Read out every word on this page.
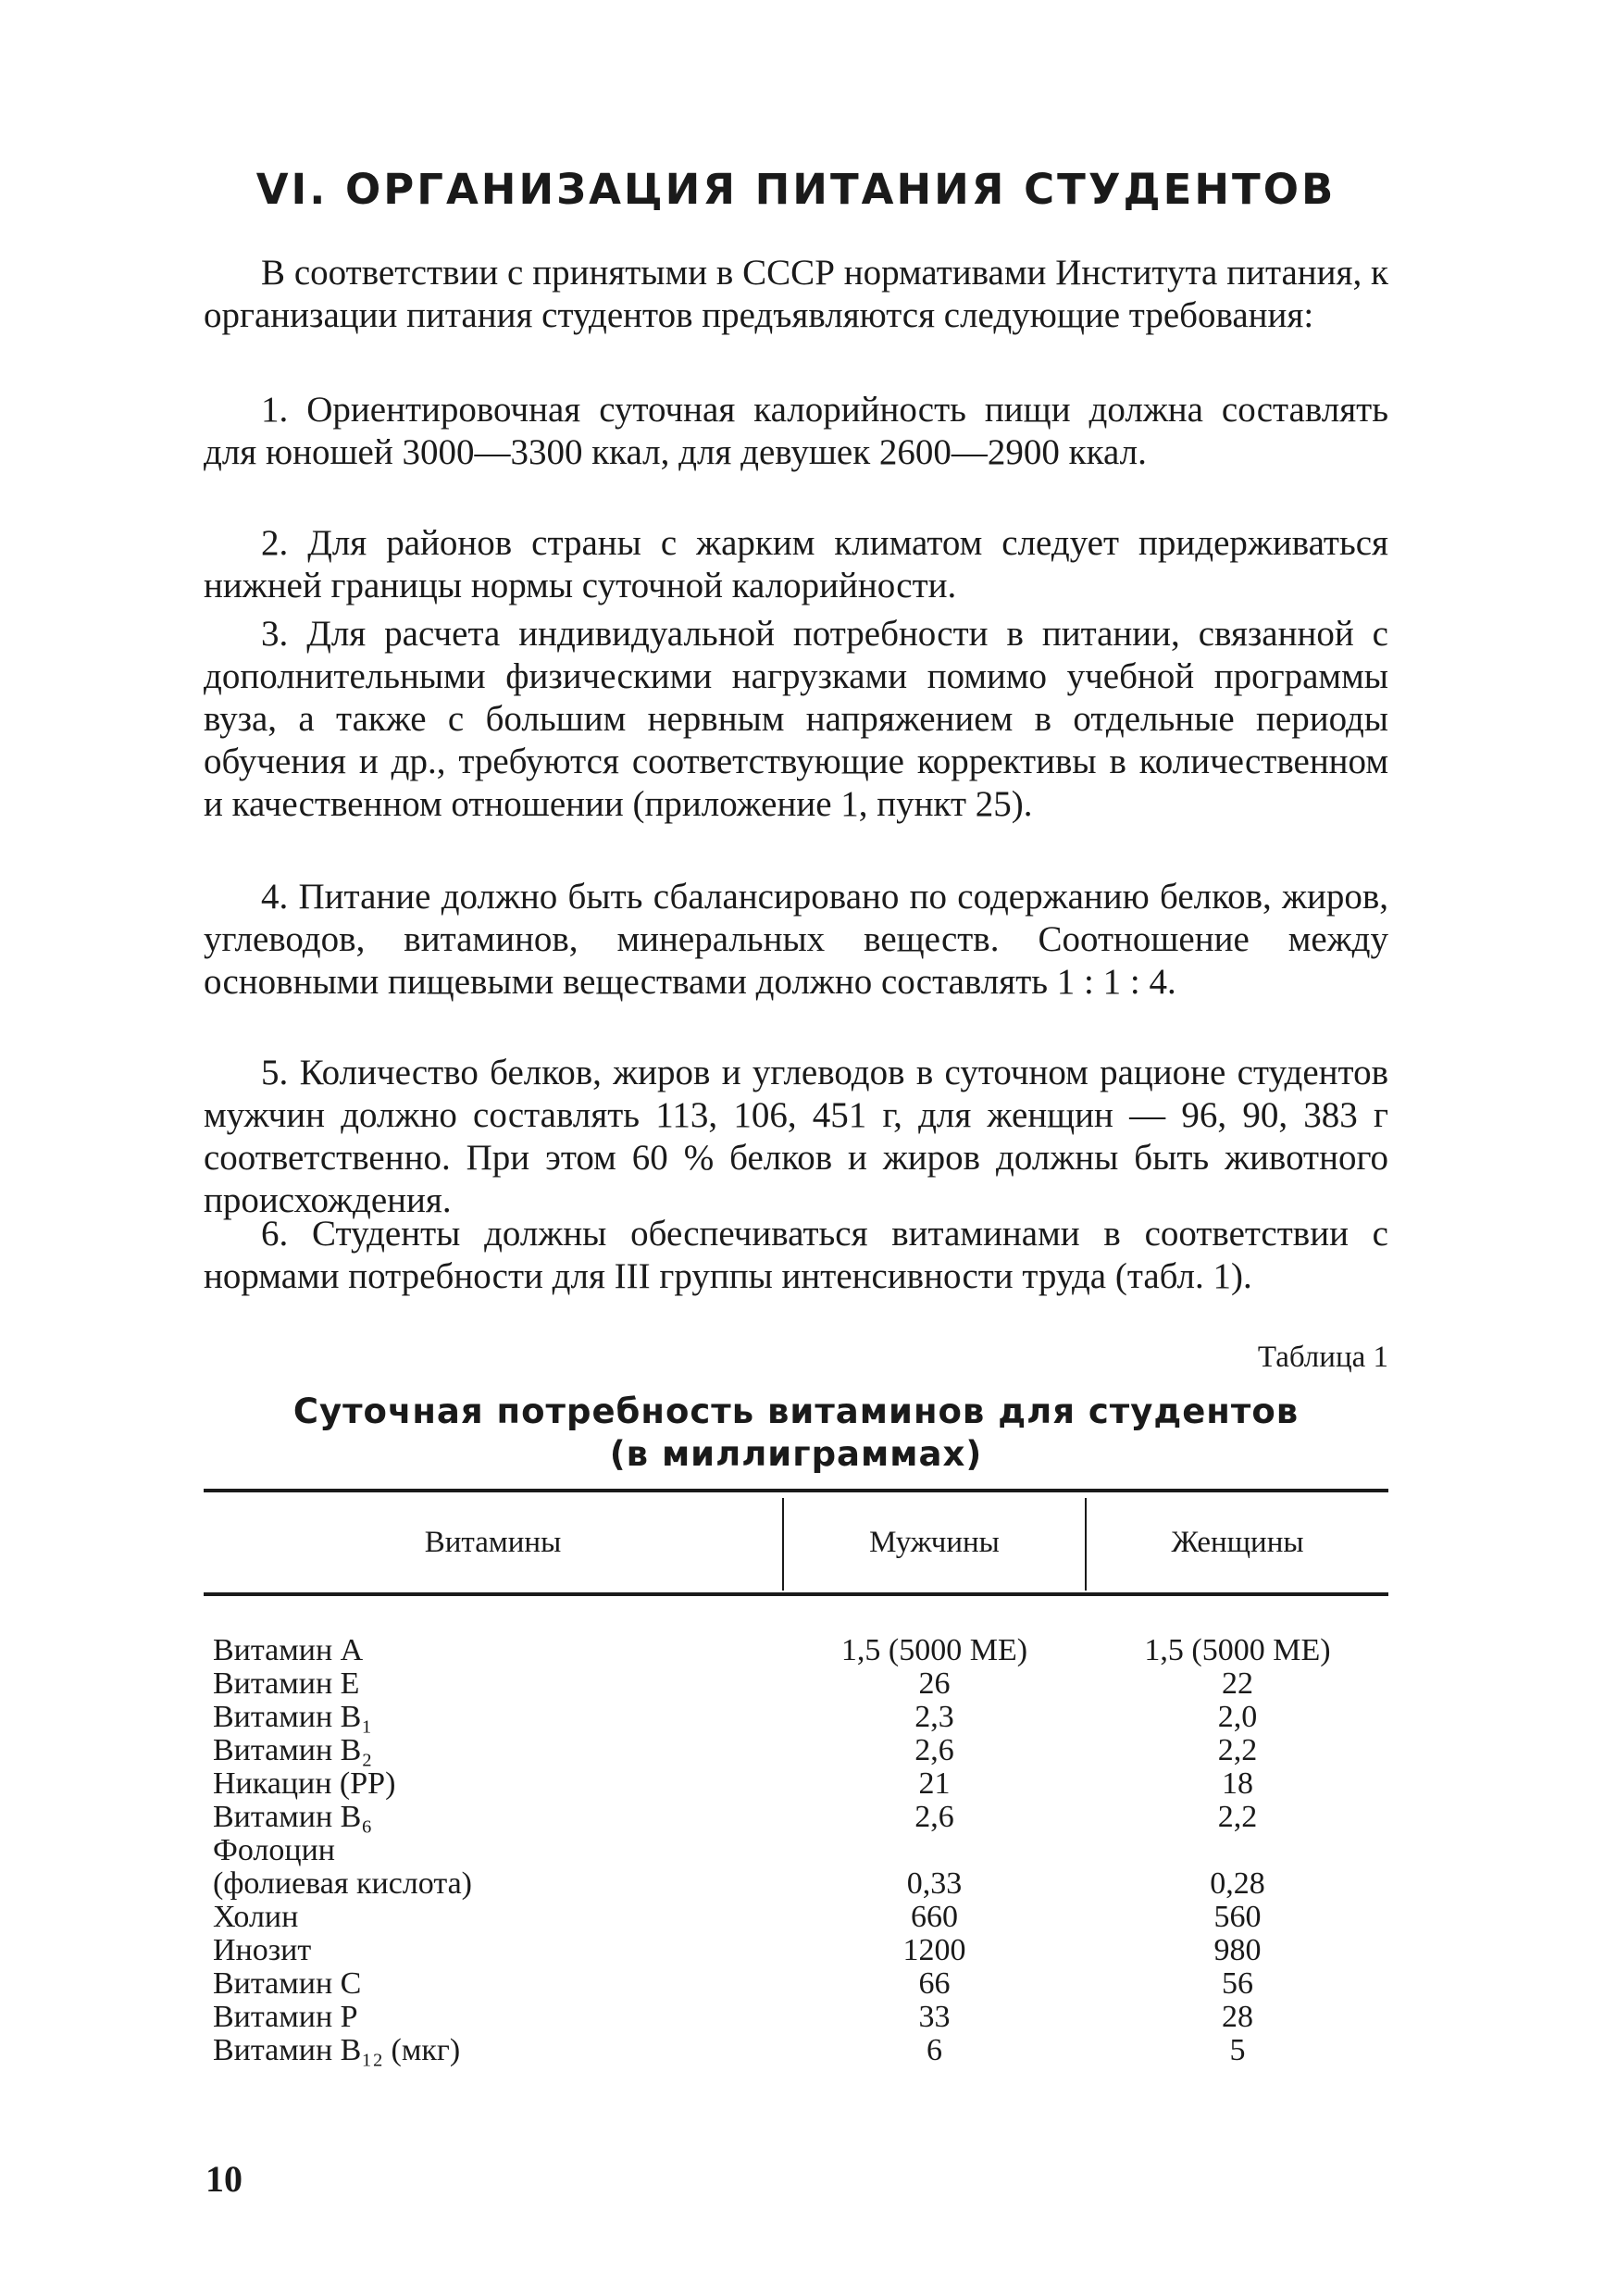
VI. ОРГАНИЗАЦИЯ ПИТАНИЯ СТУДЕНТОВ

В соответствии с принятыми в СССР нормативами Института питания, к организации питания студентов предъявляются следующие требования:

1. Ориентировочная суточная калорийность пищи должна составлять для юношей 3000—3300 ккал, для девушек 2600—2900 ккал.

2. Для районов страны с жарким климатом следует придерживаться нижней границы нормы суточной калорийности.

3. Для расчета индивидуальной потребности в питании, связанной с дополнительными физическими нагрузками помимо учебной программы вуза, а также с большим нервным напряжением в отдельные периоды обучения и др., требуются соответствующие коррективы в количественном и качественном отношении (приложение 1, пункт 25).

4. Питание должно быть сбалансировано по содержанию белков, жиров, углеводов, витаминов, минеральных веществ. Соотношение между основными пищевыми веществами должно составлять 1 : 1 : 4.

5. Количество белков, жиров и углеводов в суточном рационе студентов мужчин должно составлять 113, 106, 451 г, для женщин — 96, 90, 383 г соответственно. При этом 60 % белков и жиров должны быть животного происхождения.

6. Студенты должны обеспечиваться витаминами в соответствии с нормами потребности для III группы интенсивности труда (табл. 1).

Таблица 1
Суточная потребность витаминов для студентов
(в миллиграммах)
Витамины	Мужчины	Женщины
Витамин A	1,5 (5000 ME)	1,5 (5000 ME)
Витамин E	26	22
Витамин B₁	2,3	2,0
Витамин B₂	2,6	2,2
Никацин (PP)	21	18
Витамин B₆	2,6	2,2
Фолоцин
(фолиевая кислота)	0,33	0,28
Холин	660	560
Инозит	1200	980
Витамин C	66	56
Витамин P	33	28
Витамин B₁₂ (мкг)	6	5
10
